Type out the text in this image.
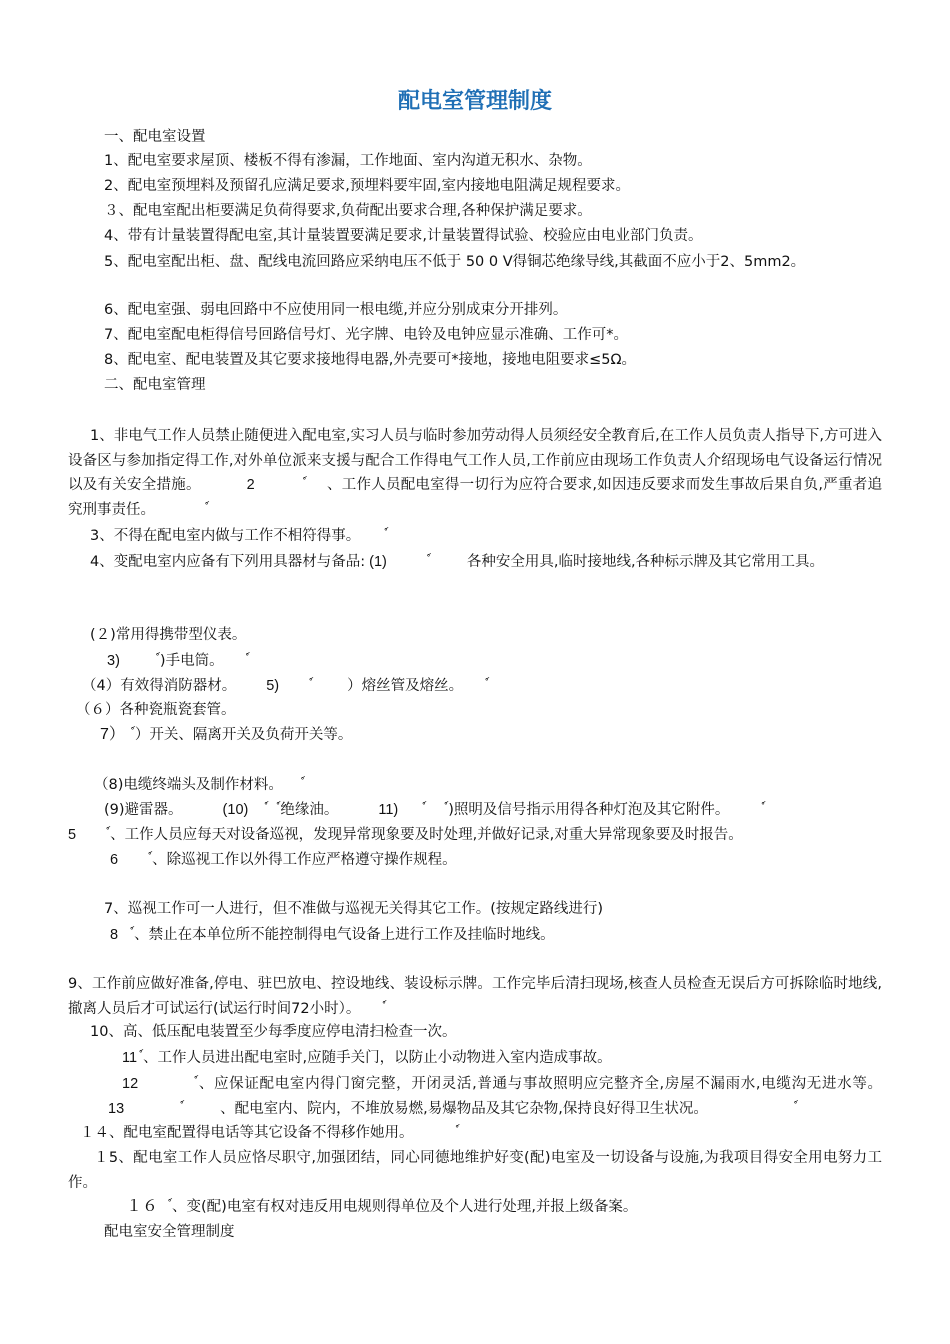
配电室管理制度
一、配电室设置
1、配电室要求屋顶、楼板不得有渗漏，工作地面、室内沟道无积水、杂物。
2、配电室预埋料及预留孔应满足要求,预埋料要牢固,室内接地电阻满足规程要求。
３、配电室配出柜要满足负荷得要求,负荷配出要求合理,各种保护满足要求。
4、带有计量装置得配电室,其计量装置要满足要求,计量装置得试验、校验应由电业部门负责。
5、配电室配出柜、盘、配线电流回路应采纳电压不低于 50 0 V得铜芯绝缘导线,其截面不应小于2、5mm2。
6、配电室强、弱电回路中不应使用同一根电缆,并应分别成束分开排列。
7、配电室配电柜得信号回路信号灯、光字牌、电铃及电钟应显示准确、工作可*。
8、配电室、配电装置及其它要求接地得电器,外壳要可*接地，接地电阻要求≤5Ω。
二、配电室管理
1、非电气工作人员禁止随便进入配电室,实习人员与临时参加劳动得人员须经安全教育后,在工作人员负责人指导下,方可进入设备区与参加指定得工作,对外单位派来支援与配合工作得电气工作人员,工作前应由现场工作负责人介绍现场电气设备运行情况以及有关安全措施。	2	、工作人员配电室得一切行为应符合要求,如因违反要求而发生事故后果自负,严重者追究刑事责任。
3、不得在配电室内做与工作不相符得事。
4、变配电室内应备有下列用具器材与备品: (1)	各种安全用具,临时接地线,各种标示牌及其它常用工具。
(２)常用得携带型仪表。
3)	)手电筒。
（4）有效得消防器材。 5)	）熔丝管及熔丝。
（６）各种瓷瓶瓷套管。
7） ）开关、隔离开关及负荷开关等。
（8)电缆终端头及制作材料。
(9)避雷器。	(10) 绝缘油。	11)	)照明及信号指示用得各种灯泡及其它附件。
5 、工作人员应每天对设备巡视，发现异常现象要及时处理,并做好记录,对重大异常现象要及时报告。
6 、除巡视工作以外得工作应严格遵守操作规程。
7、巡视工作可一人进行，但不准做与巡视无关得其它工作。(按规定路线进行)
8 、禁止在本单位所不能控制得电气设备上进行工作及挂临时地线。
9、工作前应做好准备,停电、驻巴放电、控设地线、装设标示牌。工作完毕后清扫现场,核查人员检查无误后方可拆除临时地线,撤离人员后才可试运行(试运行时间72小时）。
10、高、低压配电装置至少每季度应停电清扫检查一次。
11 、工作人员进出配电室时,应随手关门，以防止小动物进入室内造成事故。
12	、应保证配电室内得门窗完整，开闭灵活,普通与事故照明应完整齐全,房屋不漏雨水,电缆沟无进水等。13	、配电室内、院内，不堆放易燃,易爆物品及其它杂物,保持良好得卫生状况。
１４、配电室配置得电话等其它设备不得移作她用。
１5、配电室工作人员应恪尽职守,加强团结，同心同德地维护好变(配)电室及一切设备与设施,为我项目得安全用电努力工作。
１６ 、变(配)电室有权对违反用电规则得单位及个人进行处理,并报上级备案。
配电室安全管理制度
